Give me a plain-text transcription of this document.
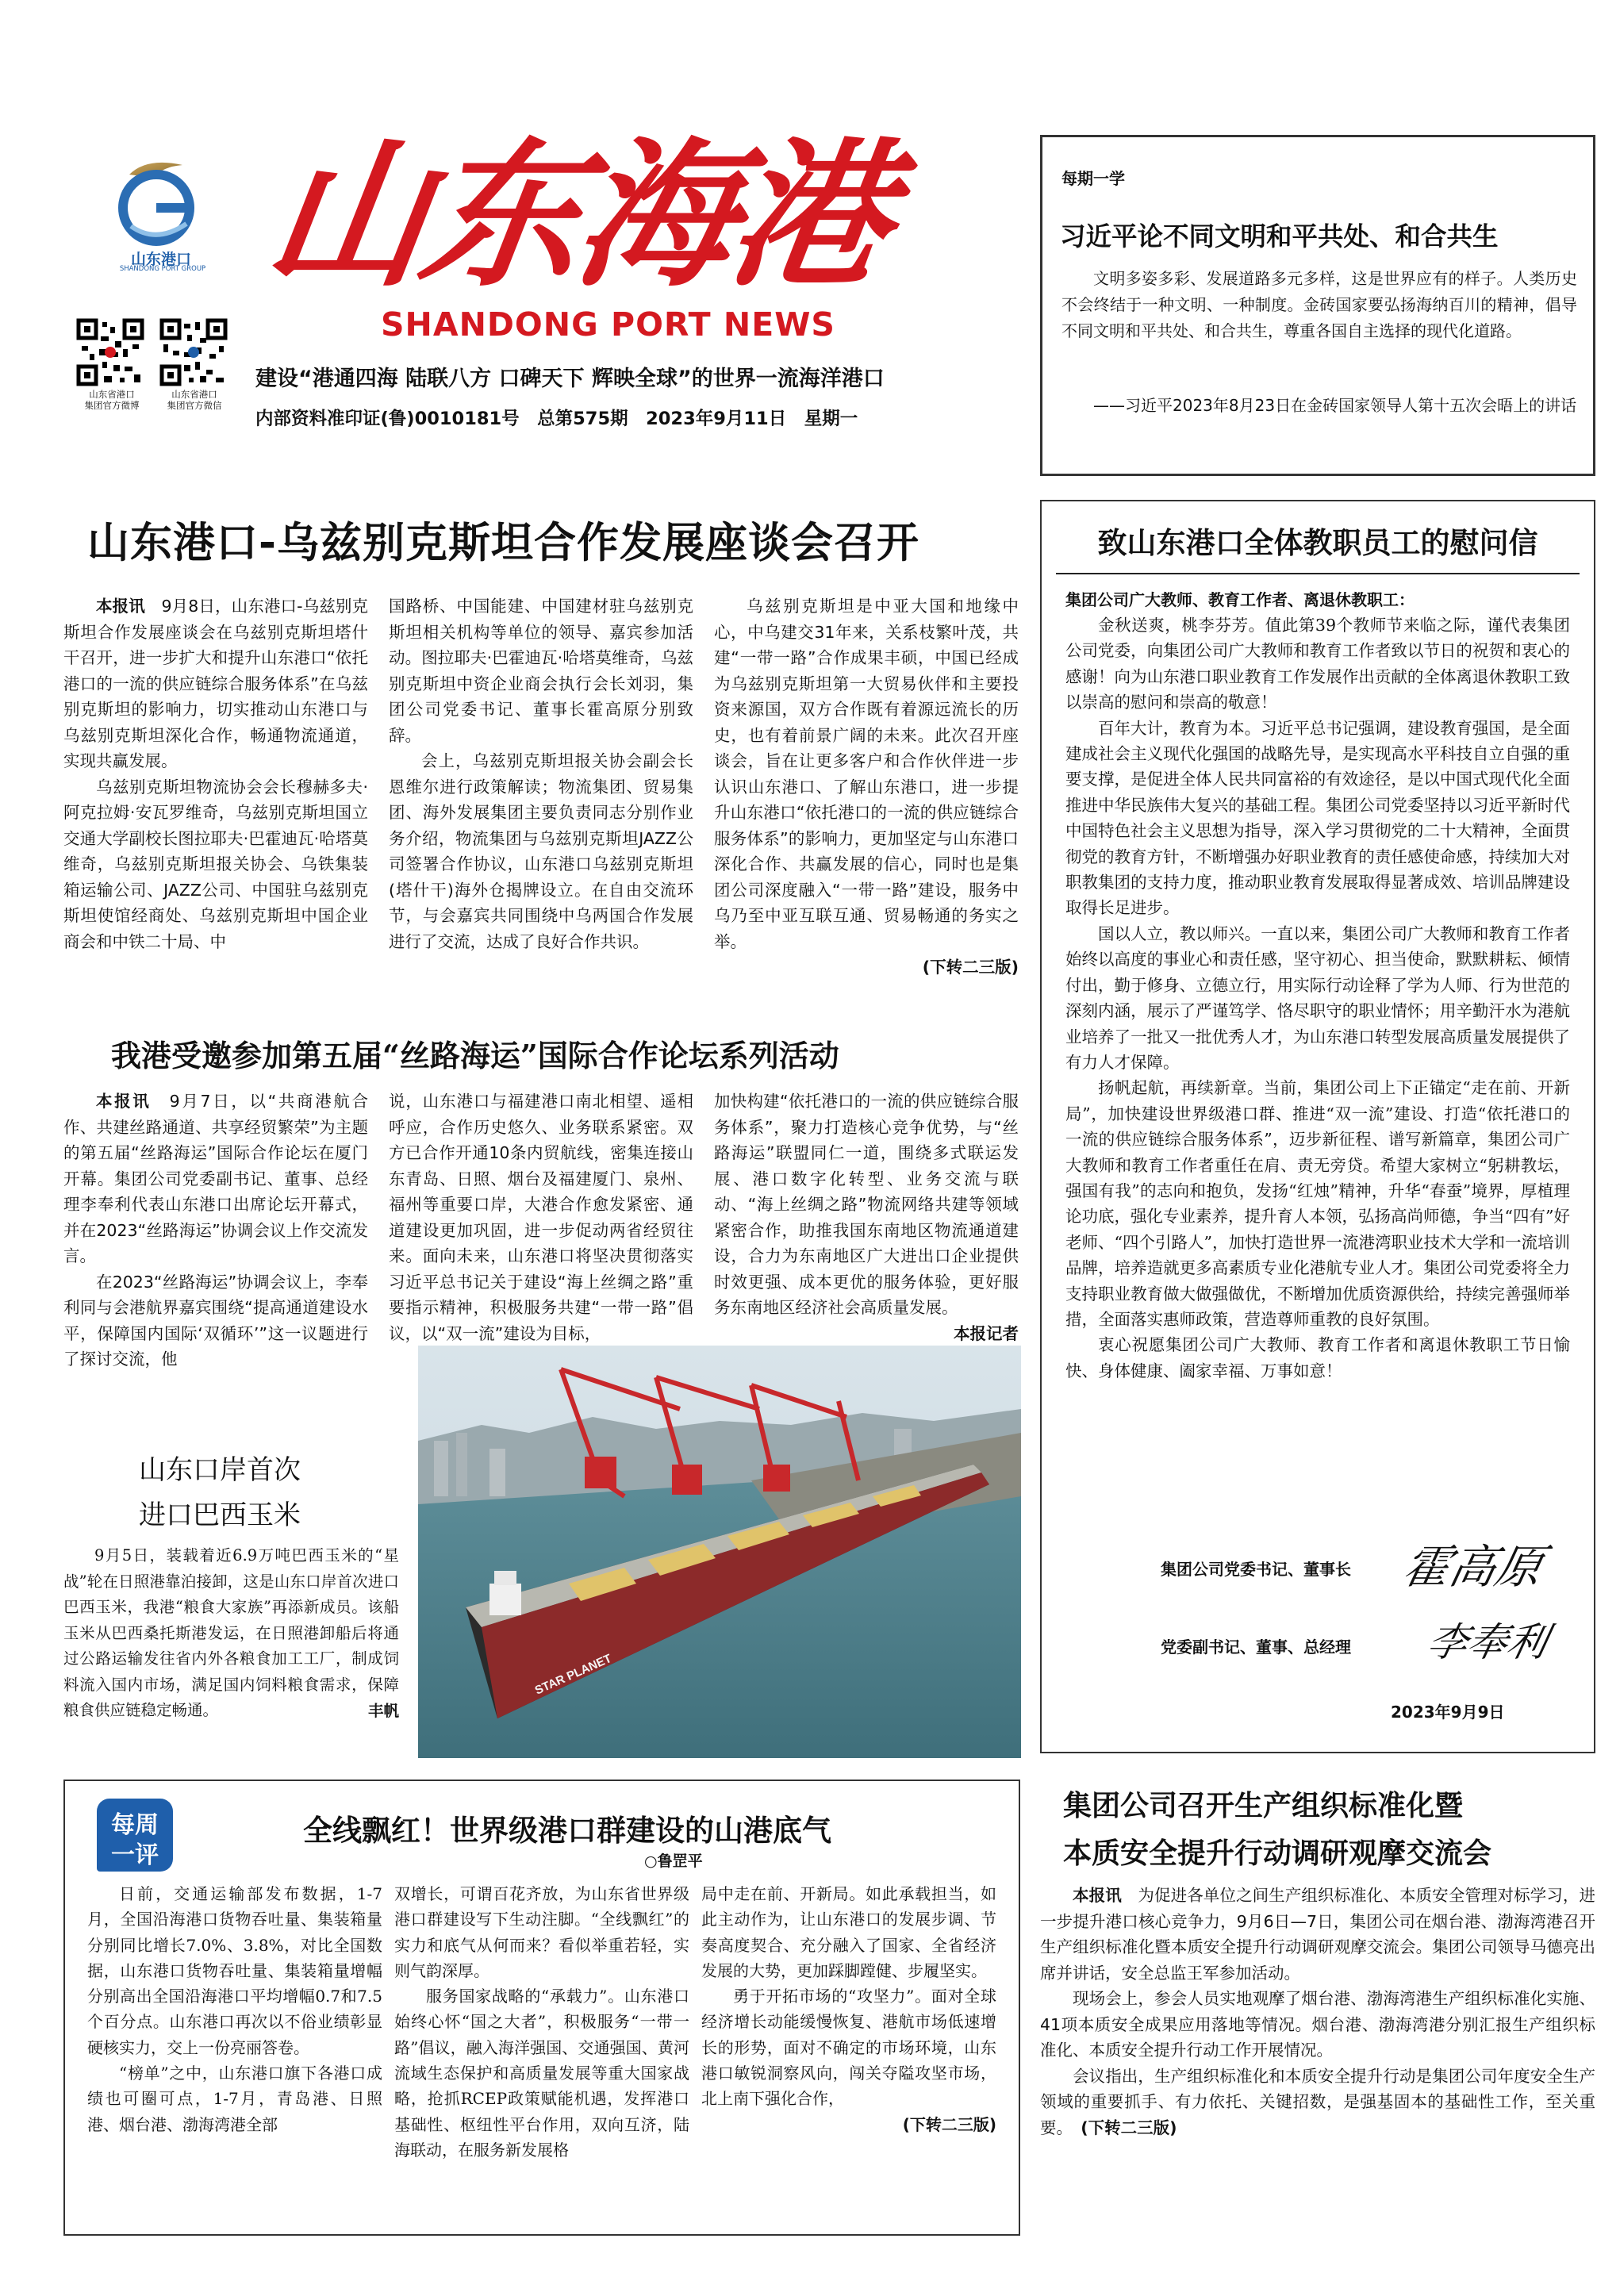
山东港口
SHANDONG PORT GROUP 山东海港
SHANDONG PORT NEWS
山东省港口
集团官方微博
山东省港口
集团官方微信
建设“港通四海 陆联八方 口碑天下 辉映全球”的世界一流海洋港口
内部资料准印证(鲁)0010181号　总第575期　2023年9月11日　星期一
每期一学
习近平论不同文明和平共处、和合共生
文明多姿多彩、发展道路多元多样，这是世界应有的样子。人类历史不会终结于一种文明、一种制度。金砖国家要弘扬海纳百川的精神，倡导不同文明和平共处、和合共生，尊重各国自主选择的现代化道路。
——习近平2023年8月23日在金砖国家领导人第十五次会晤上的讲话
山东港口-乌兹别克斯坦合作发展座谈会召开

本报讯　 9月8日，山东港口-乌兹别克斯坦合作发展座谈会在乌兹别克斯坦塔什干召开，进一步扩大和提升山东港口“依托港口的一流的供应链综合服务体系”在乌兹别克斯坦的影响力，切实推动山东港口与乌兹别克斯坦深化合作，畅通物流通道，实现共赢发展。

乌兹别克斯坦物流协会会长穆赫多夫·阿克拉姆·安瓦罗维奇，乌兹别克斯坦国立交通大学副校长图拉耶夫·巴霍迪瓦·哈塔莫维奇，乌兹别克斯坦报关协会、乌铁集装箱运输公司、JAZZ公司、中国驻乌兹别克斯坦使馆经商处、乌兹别克斯坦中国企业商会和中铁二十局、中

国路桥、中国能建、中国建材驻乌兹别克斯坦相关机构等单位的领导、嘉宾参加活动。图拉耶夫·巴霍迪瓦·哈塔莫维奇，乌兹别克斯坦中资企业商会执行会长刘羽，集团公司党委书记、董事长霍高原分别致辞。

会上，乌兹别克斯坦报关协会副会长恩维尔进行政策解读；物流集团、贸易集团、海外发展集团主要负责同志分别作业务介绍，物流集团与乌兹别克斯坦JAZZ公司签署合作协议，山东港口乌兹别克斯坦(塔什干)海外仓揭牌设立。在自由交流环节，与会嘉宾共同围绕中乌两国合作发展进行了交流，达成了良好合作共识。

乌兹别克斯坦是中亚大国和地缘中心，中乌建交31年来，关系枝繁叶茂，共建“一带一路”合作成果丰硕，中国已经成为乌兹别克斯坦第一大贸易伙伴和主要投资来源国，双方合作既有着源远流长的历史，也有着前景广阔的未来。此次召开座谈会，旨在让更多客户和合作伙伴进一步认识山东港口、了解山东港口，进一步提升山东港口“依托港口的一流的供应链综合服务体系”的影响力，更加坚定与山东港口深化合作、共赢发展的信心，同时也是集团公司深度融入“一带一路”建设，服务中乌乃至中亚互联互通、贸易畅通的务实之举。

(下转二三版)
我港受邀参加第五届“丝路海运”国际合作论坛系列活动

本报讯　 9月7日，以“共商港航合作、共建丝路通道、共享经贸繁荣”为主题的第五届“丝路海运”国际合作论坛在厦门开幕。集团公司党委副书记、董事、总经理李奉利代表山东港口出席论坛开幕式，并在2023“丝路海运”协调会议上作交流发言。

在2023“丝路海运”协调会议上，李奉利同与会港航界嘉宾围绕“提高通道建设水平，保障国内国际‘双循环’”这一议题进行了探讨交流，他

说，山东港口与福建港口南北相望、遥相呼应，合作历史悠久、业务联系紧密。双方已合作开通10条内贸航线，密集连接山东青岛、日照、烟台及福建厦门、泉州、福州等重要口岸，大港合作愈发紧密、通道建设更加巩固，进一步促动两省经贸往来。面向未来，山东港口将坚决贯彻落实习近平总书记关于建设“海上丝绸之路”重要指示精神，积极服务共建“一带一路”倡议，以“双一流”建设为目标，

加快构建“依托港口的一流的供应链综合服务体系”，聚力打造核心竞争优势，与“丝路海运”联盟同仁一道，围绕多式联运发展、港口数字化转型、业务交流与联动、“海上丝绸之路”物流网络共建等领域紧密合作，助推我国东南地区物流通道建设，合力为东南地区广大进出口企业提供时效更强、成本更优的服务体验，更好服务东南地区经济社会高质量发展。

本报记者
STAR PLANET
山东口岸首次
进口巴西玉米

9月5日，装载着近6.9万吨巴西玉米的“星战”轮在日照港靠泊接卸，这是山东口岸首次进口巴西玉米，我港“粮食大家族”再添新成员。该船玉米从巴西桑托斯港发运，在日照港卸船后将通过公路运输发往省内外各粮食加工工厂，制成饲料流入国内市场，满足国内饲料粮食需求，保障粮食供应链稳定畅通。	丰帆
致山东港口全体教职员工的慰问信
集团公司广大教师、教育工作者、离退休教职工：

金秋送爽，桃李芬芳。值此第39个教师节来临之际，谨代表集团公司党委，向集团公司广大教师和教育工作者致以节日的祝贺和衷心的感谢！向为山东港口职业教育工作发展作出贡献的全体离退休教职工致以崇高的慰问和崇高的敬意！

百年大计，教育为本。习近平总书记强调，建设教育强国，是全面建成社会主义现代化强国的战略先导，是实现高水平科技自立自强的重要支撑，是促进全体人民共同富裕的有效途径，是以中国式现代化全面推进中华民族伟大复兴的基础工程。集团公司党委坚持以习近平新时代中国特色社会主义思想为指导，深入学习贯彻党的二十大精神，全面贯彻党的教育方针，不断增强办好职业教育的责任感使命感，持续加大对职教集团的支持力度，推动职业教育发展取得显著成效、培训品牌建设取得长足进步。

国以人立，教以师兴。一直以来，集团公司广大教师和教育工作者始终以高度的事业心和责任感，坚守初心、担当使命，默默耕耘、倾情付出，勤于修身、立德立行，用实际行动诠释了学为人师、行为世范的深刻内涵，展示了严谨笃学、恪尽职守的职业情怀；用辛勤汗水为港航业培养了一批又一批优秀人才，为山东港口转型发展高质量发展提供了有力人才保障。

扬帆起航，再续新章。当前，集团公司上下正锚定“走在前、开新局”，加快建设世界级港口群、推进“双一流”建设、打造“依托港口的一流的供应链综合服务体系”，迈步新征程、谱写新篇章，集团公司广大教师和教育工作者重任在肩、责无旁贷。希望大家树立“躬耕教坛，强国有我”的志向和抱负，发扬“红烛”精神，升华“春蚕”境界，厚植理论功底，强化专业素养，提升育人本领，弘扬高尚师德，争当“四有”好老师、“四个引路人”，加快打造世界一流港湾职业技术大学和一流培训品牌，培养造就更多高素质专业化港航专业人才。集团公司党委将全力支持职业教育做大做强做优，不断增加优质资源供给，持续完善强师举措，全面落实惠师政策，营造尊师重教的良好氛围。

衷心祝愿集团公司广大教师、教育工作者和离退休教职工节日愉快、身体健康、阖家幸福、万事如意！

集团公司党委书记、董事长 霍高原
党委副书记、董事、总经理 李奉利
2023年9月9日
每周
一评
全线飘红！世界级港口群建设的山港底气
○鲁罡平

日前，交通运输部发布数据，1-7月，全国沿海港口货物吞吐量、集装箱量分别同比增长7.0%、3.8%，对比全国数据，山东港口货物吞吐量、集装箱量增幅分别高出全国沿海港口平均增幅0.7和7.5个百分点。山东港口再次以不俗业绩彰显硬核实力，交上一份亮丽答卷。

“榜单”之中，山东港口旗下各港口成绩也可圈可点，1-7月，青岛港、日照港、烟台港、渤海湾港全部

双增长，可谓百花齐放，为山东省世界级港口群建设写下生动注脚。“全线飘红”的实力和底气从何而来？看似举重若轻，实则气韵深厚。

服务国家战略的“承载力”。山东港口始终心怀“国之大者”，积极服务“一带一路”倡议，融入海洋强国、交通强国、黄河流域生态保护和高质量发展等重大国家战略，抢抓RCEP政策赋能机遇，发挥港口基础性、枢纽性平台作用，双向互济，陆海联动，在服务新发展格

局中走在前、开新局。如此承载担当，如此主动作为，让山东港口的发展步调、节奏高度契合、充分融入了国家、全省经济发展的大势，更加踩脚蹚健、步履坚实。

勇于开拓市场的“攻坚力”。面对全球经济增长动能缓慢恢复、港航市场低速增长的形势，面对不确定的市场环境，山东港口敏锐洞察风向，闯关夺隘攻坚市场，北上南下强化合作，

(下转二三版)
集团公司召开生产组织标准化暨
本质安全提升行动调研观摩交流会

本报讯　 为促进各单位之间生产组织标准化、本质安全管理对标学习，进一步提升港口核心竞争力，9月6日—7日，集团公司在烟台港、渤海湾港召开生产组织标准化暨本质安全提升行动调研观摩交流会。集团公司领导马德亮出席并讲话，安全总监王军参加活动。

现场会上，参会人员实地观摩了烟台港、渤海湾港生产组织标准化实施、41项本质安全成果应用落地等情况。烟台港、渤海湾港分别汇报生产组织标准化、本质安全提升行动工作开展情况。

会议指出，生产组织标准化和本质安全提升行动是集团公司年度安全生产领域的重要抓手、有力依托、关键招数，是强基固本的基础性工作，至关重要。　 (下转二三版)
